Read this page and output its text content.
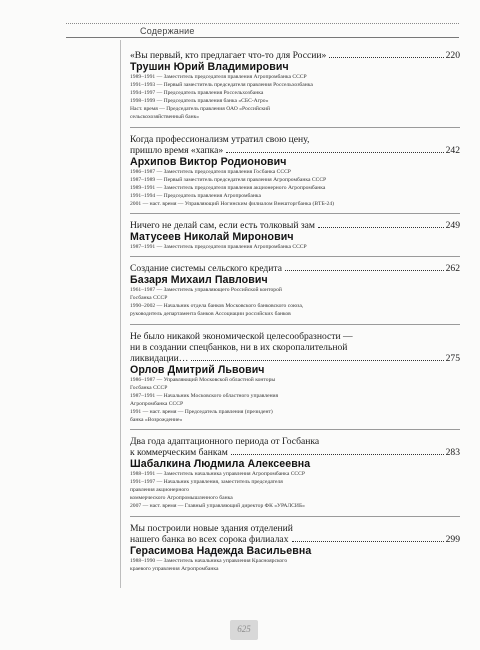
Содержание
«Вы первый, кто предлагает что-то для России»	220
Трушин Юрий Владимирович
1989–1991 — Заместитель председателя правления Агропромбанка СССР
1991–1993 — Первый заместитель председателя правления Россельхозбанка
1994–1997 — Председатель правления Россельхозбанка
1998–1999 — Председатель правления банка «СБС-Агро»
Наст. время — Председатель правления ОАО «Российский
сельскохозяйственный банк»
Когда профессионализм утратил свою цену,
пришло время «хапка»	242
Архипов Виктор Родионович
1986–1987 — Заместитель председателя правления Госбанка СССР
1987–1989 — Первый заместитель председателя правления Агропромбанка СССР
1989–1991 — Заместитель председателя правления акционерного Агропромбанка
1991–1994 — Председатель правления Агропромбанка
2001 — наст. время — Управляющий Ногинским филиалом Внешторгбанка (ВТБ-24)
Ничего не делай сам, если есть толковый зам	249
Матусеев Николай Миронович
1987–1991 — Заместитель председателя правления Агропромбанка СССР
Создание системы сельского кредита	262
Базаря Михаил Павлович
1961–1987 — Заместитель управляющего Российской конторой
Госбанка СССР
1990–2002 — Начальник отдела банков Московского банковского союза,
руководитель департамента банков Ассоциации российских банков
Не было никакой экономической целесообразности —
ни в создании спецбанков, ни в их скоропалительной
ликвидации…	275
Орлов Дмитрий Львович
1986–1987 — Управляющий Московской областной конторы
Госбанка СССР
1987–1991 — Начальник Московского областного управления
Агропромбанка СССР
1991 — наст. время — Председатель правления (президент)
банка «Возрождение»
Два года адаптационного периода от Госбанка
к коммерческим банкам	283
Шабалкина Людмила Алексеевна
1988–1991 — Заместитель начальника управления Агропромбанка СССР
1991–1997 — Начальник управления, заместитель председателя
правления акционерного
коммерческого Агропромышленного банка
2007 — наст. время — Главный управляющий директор ФК «УРАЛСИБ»
Мы построили новые здания отделений
нашего банка во всех сорока филиалах	299
Герасимова Надежда Васильевна
1988–1990 — Заместитель начальника управления Красноярского
краевого управления Агропромбанка
625
